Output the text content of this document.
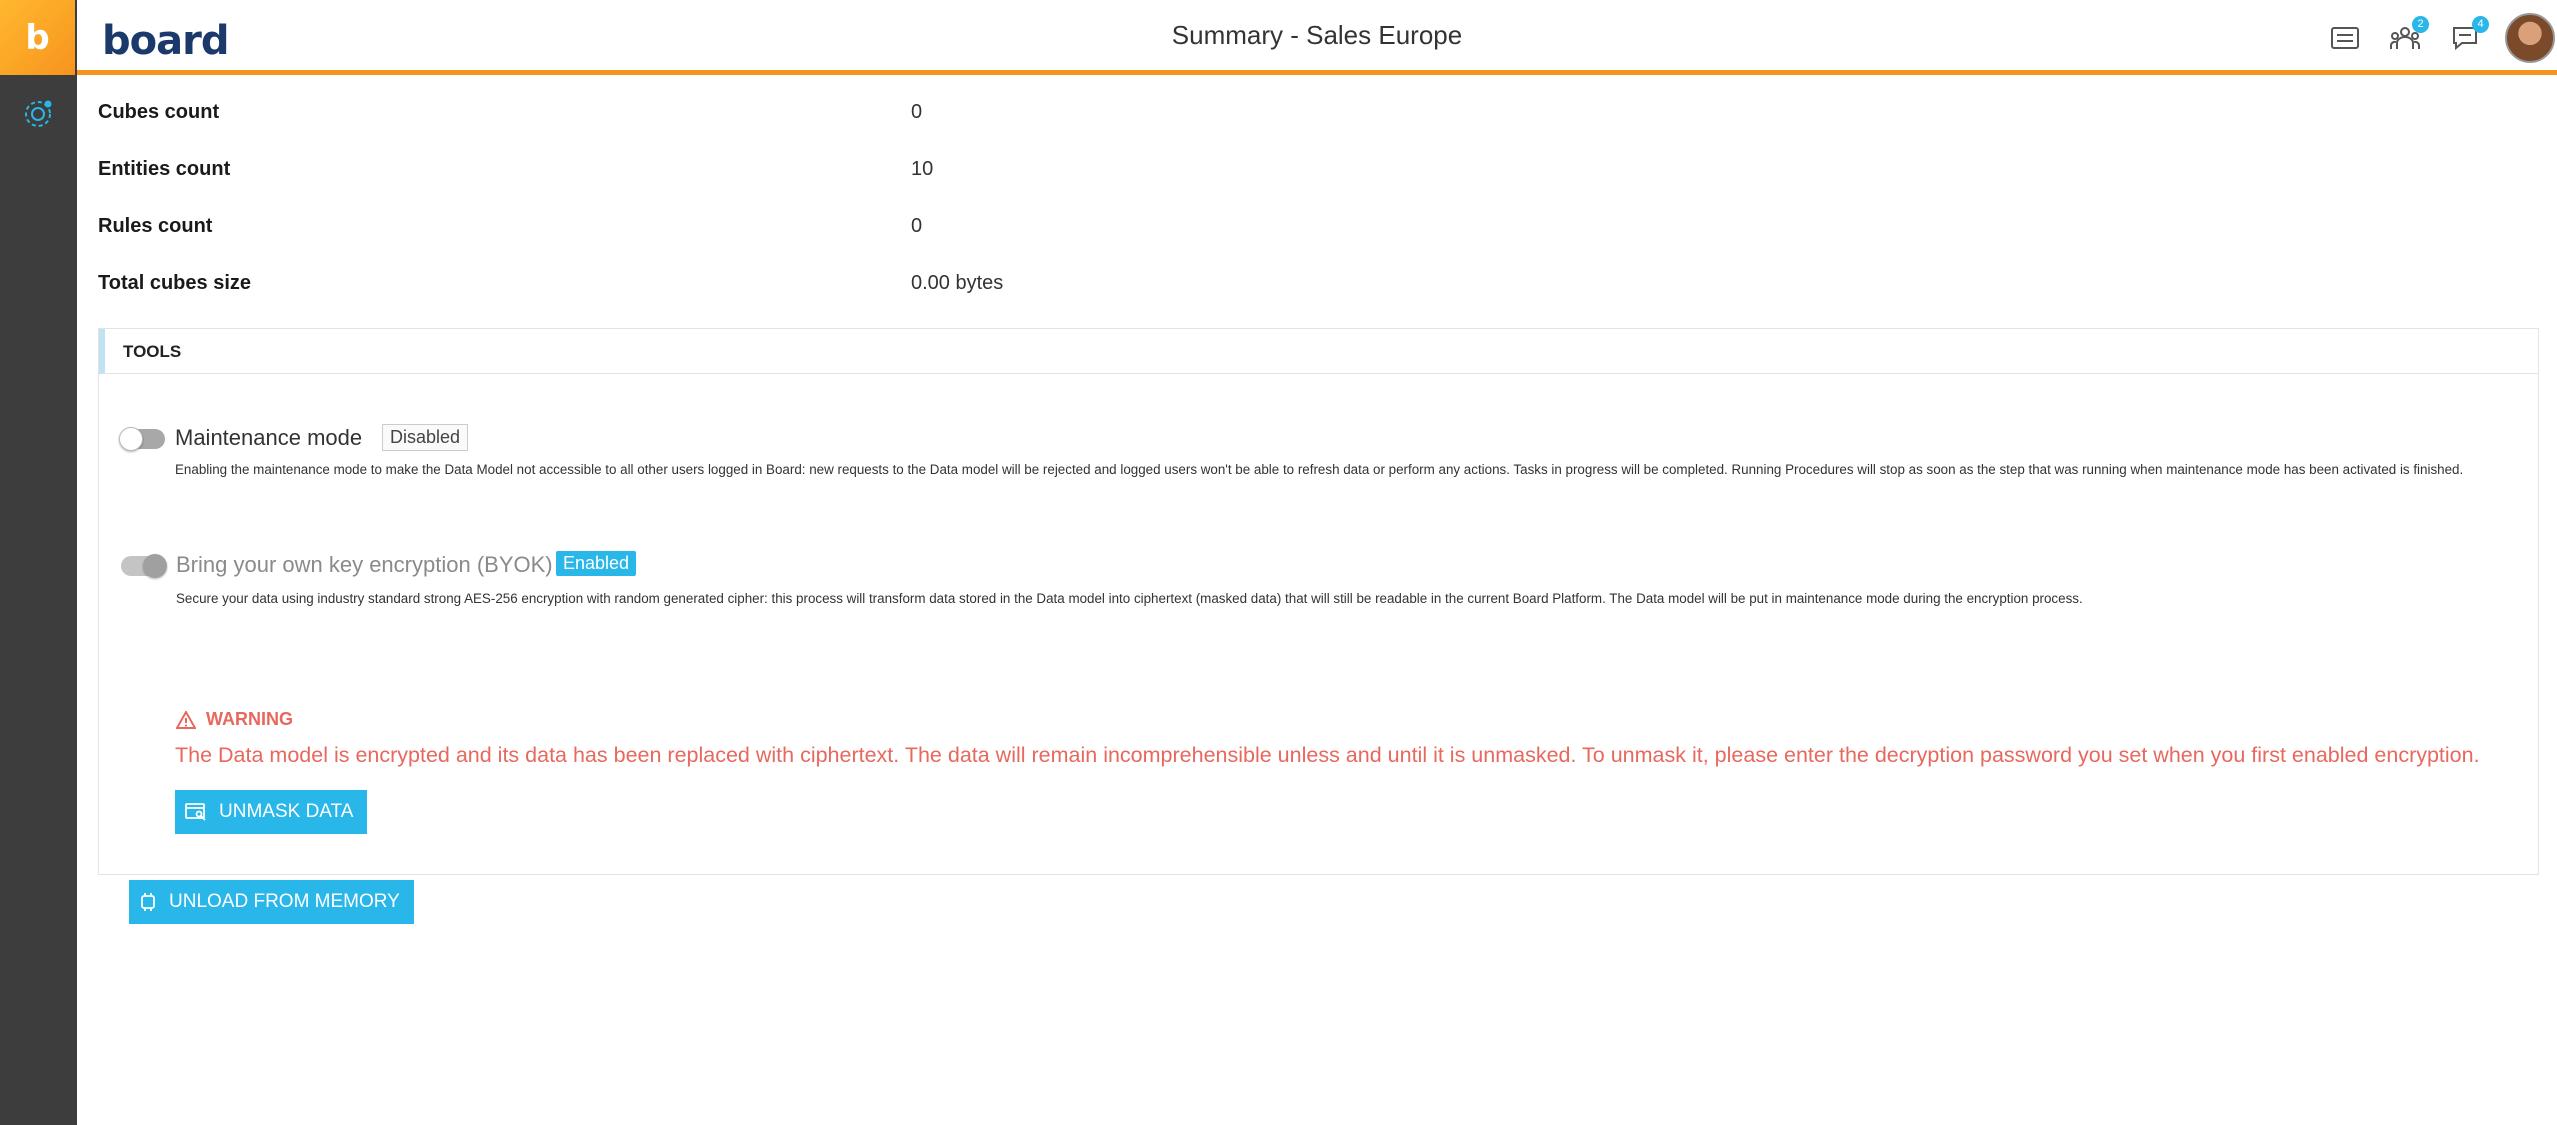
b board	Summary - Sales Europe	2	4
Cubes count	0
Entities count	10
Rules count	0
Total cubes size	0.00 bytes
TOOLS
Maintenance mode	Disabled
Enabling the maintenance mode to make the Data Model not accessible to all other users logged in Board: new requests to the Data model will be rejected and logged users won't be able to refresh data or perform any actions. Tasks in progress will be completed. Running Procedures will stop as soon as the step that was running when maintenance mode has been activated is finished.
Bring your own key encryption (BYOK) Enabled
Secure your data using industry standard strong AES-256 encryption with random generated cipher: this process will transform data stored in the Data model into ciphertext (masked data) that will still be readable in the current Board Platform. The Data model will be put in maintenance mode during the encryption process.
WARNING
The Data model is encrypted and its data has been replaced with ciphertext. The data will remain incomprehensible unless and until it is unmasked. To unmask it, please enter the decryption password you set when you first enabled encryption.
UNMASK DATA
UNLOAD FROM MEMORY
